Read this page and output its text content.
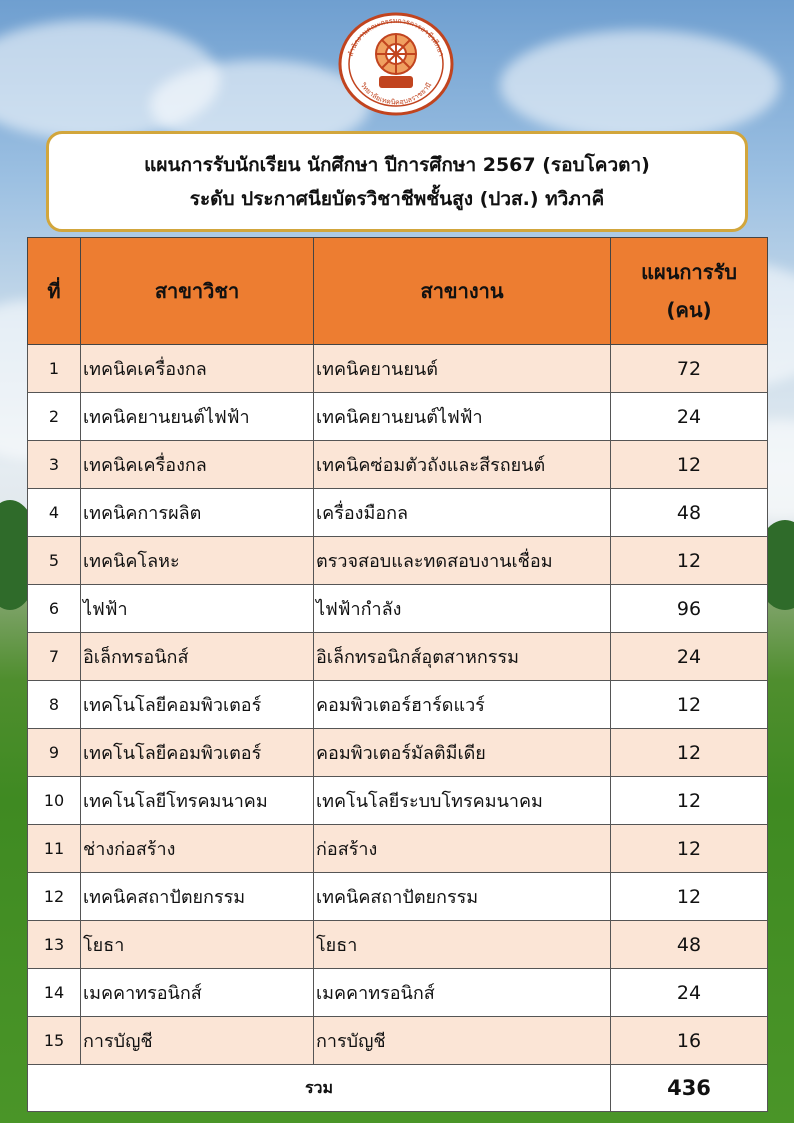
สำนักงานคณะกรรมการการอาชีวศึกษา
วิทยาลัยเทคนิคอุบลราชธานี
แผนการรับนักเรียน นักศึกษา ปีการศึกษา 2567 (รอบโควตา)
ระดับ ประกาศนียบัตรวิชาชีพชั้นสูง (ปวส.) ทวิภาคี
ที่	สาขาวิชา	สาขางาน	แผนการรับ
(คน)
1	เทคนิคเครื่องกล	เทคนิคยานยนต์	72
2	เทคนิคยานยนต์ไฟฟ้า	เทคนิคยานยนต์ไฟฟ้า	24
3	เทคนิคเครื่องกล	เทคนิคซ่อมตัวถังและสีรถยนต์	12
4	เทคนิคการผลิต	เครื่องมือกล	48
5	เทคนิคโลหะ	ตรวจสอบและทดสอบงานเชื่อม	12
6	ไฟฟ้า	ไฟฟ้ากำลัง	96
7	อิเล็กทรอนิกส์	อิเล็กทรอนิกส์อุตสาหกรรม	24
8	เทคโนโลยีคอมพิวเตอร์	คอมพิวเตอร์ฮาร์ดแวร์	12
9	เทคโนโลยีคอมพิวเตอร์	คอมพิวเตอร์มัลติมีเดีย	12
10	เทคโนโลยีโทรคมนาคม	เทคโนโลยีระบบโทรคมนาคม	12
11	ช่างก่อสร้าง	ก่อสร้าง	12
12	เทคนิคสถาปัตยกรรม	เทคนิคสถาปัตยกรรม	12
13	โยธา	โยธา	48
14	เมคคาทรอนิกส์	เมคคาทรอนิกส์	24
15	การบัญชี	การบัญชี	16
รวม			436
